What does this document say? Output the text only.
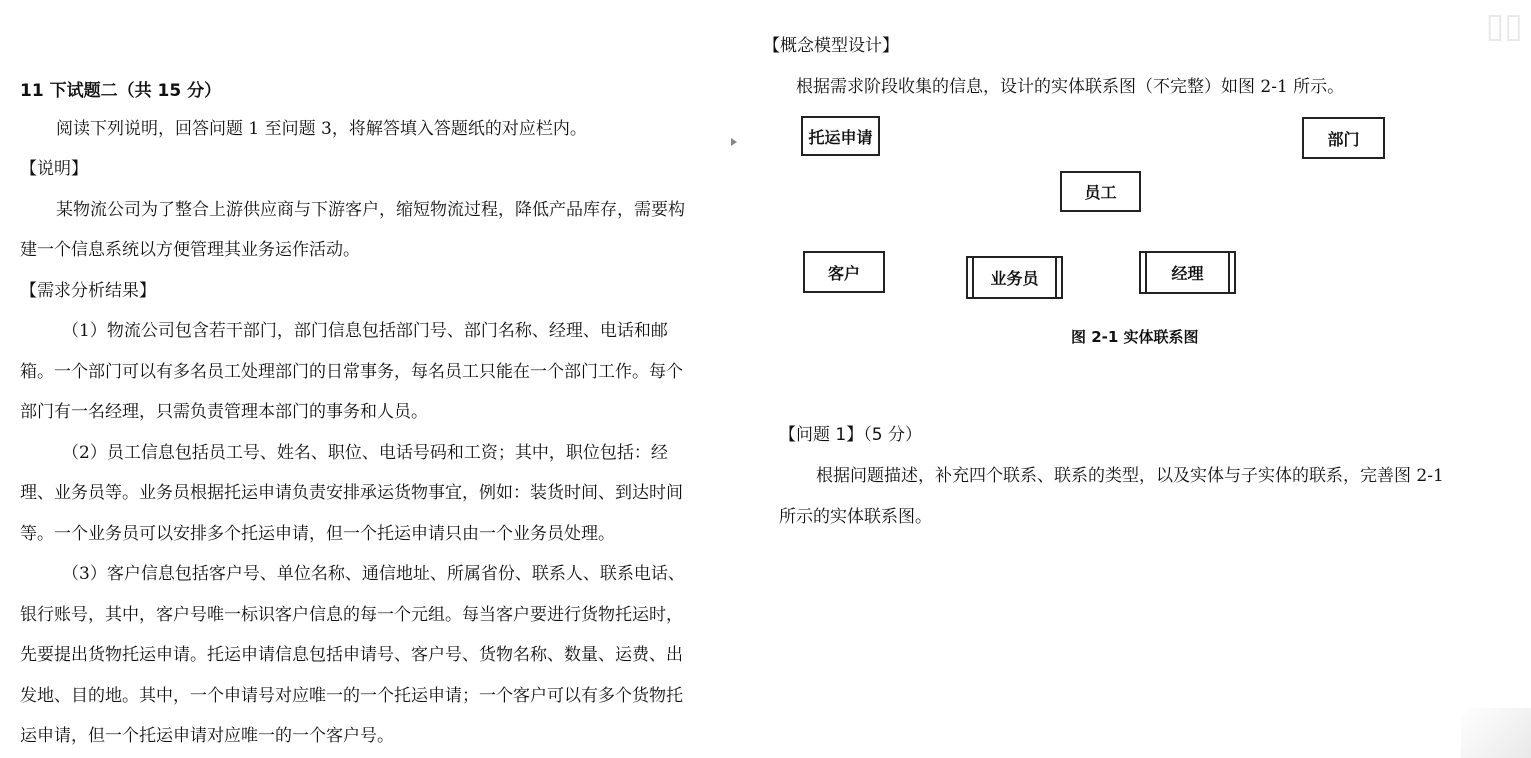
11 下试题二（共 15 分）
阅读下列说明，回答问题 1 至问题 3，将解答填入答题纸的对应栏内。
【说明】
某物流公司为了整合上游供应商与下游客户，缩短物流过程，降低产品库存，需要构
建一个信息系统以方便管理其业务运作活动。
【需求分析结果】
（1）物流公司包含若干部门，部门信息包括部门号、部门名称、经理、电话和邮
箱。一个部门可以有多名员工处理部门的日常事务，每名员工只能在一个部门工作。每个
部门有一名经理，只需负责管理本部门的事务和人员。
（2）员工信息包括员工号、姓名、职位、电话号码和工资；其中，职位包括：经
理、业务员等。业务员根据托运申请负责安排承运货物事宜，例如：装货时间、到达时间
等。一个业务员可以安排多个托运申请，但一个托运申请只由一个业务员处理。
（3）客户信息包括客户号、单位名称、通信地址、所属省份、联系人、联系电话、
银行账号，其中，客户号唯一标识客户信息的每一个元组。每当客户要进行货物托运时，
先要提出货物托运申请。托运申请信息包括申请号、客户号、货物名称、数量、运费、出
发地、目的地。其中，一个申请号对应唯一的一个托运申请；一个客户可以有多个货物托
运申请，但一个托运申请对应唯一的一个客户号。
【概念模型设计】
根据需求阶段收集的信息，设计的实体联系图（不完整）如图 2-1 所示。
托运申请	部门
员工
客户	业务员	经理
图 2-1 实体联系图
【问题 1】（5 分）
根据问题描述，补充四个联系、联系的类型，以及实体与子实体的联系，完善图 2-1
所示的实体联系图。
▯▯
